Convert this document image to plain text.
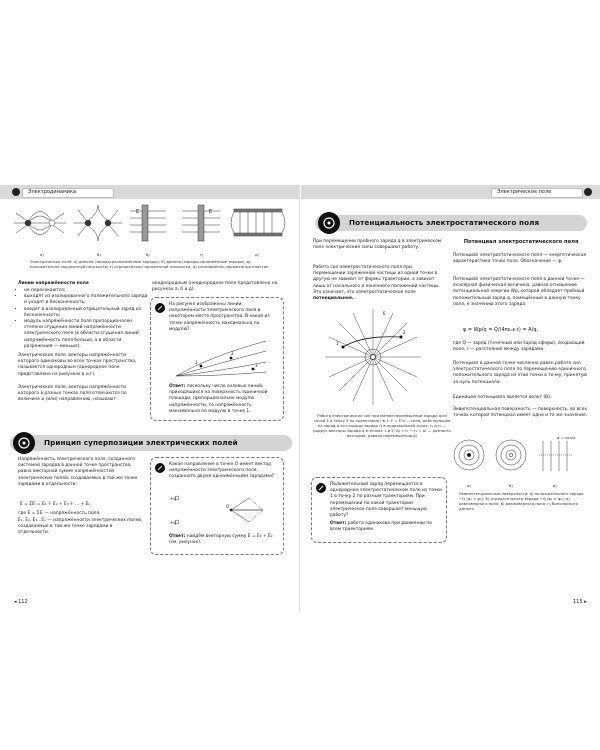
Электродинамика
E	E
а)	б)	в)	г)	д)
Электрическое поле: а) диполя (заряды разноимённые заряды); б) диполя (заряды одноимённые заряды); в) положительно заряженной плоскости; г) отрицательно заряженной плоскости; д) разноимённо заряженных пластин
Линии напряжённости поля
• не пересекаются;
• выходят из изолированного положительного заряда и уходят в бесконечность;
• входят в изолированный отрицательный заряд из бесконечности;
• модуль напряжённости поля пропорционален степени сгущения линий напряжённости электрического поля (в области сгущения линий напряжённость поля больше, а в области разрежения — меньше).
Электрическое поле, векторы напряжённости которого одинаковы во всех точках пространства, называется однородным (однородное поле представлено на рисунках в и г).
Электрическое поле, векторы напряжённости которого в разных точках поля отличаются по величине и (или) направлению, называют
неоднородным (неоднородное поле представлено на рисунках а, б и д).
На рисунке изображены линии напряжённости электрического поля в некотором месте пространства. В какой из точек напряжённость максимальна по модулю?
1
2
3
Ответ: поскольку число силовых линий, приходящихся на поверхность единичной площади, пропорционально модулю напряжённости, то напряжённость максимальна по модулю в точке 1.
Принцип суперпозиции электрических полей
Напряжённость электрического поля, созданного системой зарядов в данной точке пространства, равна векторной сумме напряжённостей электрических полей, создаваемых в той же точке зарядами в отдельности:
E = ΣEᵢ = E₁ + E₂ + E₃ + ... + Eₙ,
где E = ΣEᵢ — напряжённость поля,
E₁, E₂, E₃...Eₙ — напряжённости электрических полей, создаваемые в той же точке зарядами в отдельности.
Какое направление в точке O имеет вектор напряжённости электрического поля, созданного двумя одноимёнными зарядами?
+q
+q
O
Ответ: найдём векторную сумму E = E₁ + E₂ (см. рисунок).
◂ 112
Электрическое поле
Потенциальность электростатического поля
При перемещении пробного заряда q в электрическом поле электрические силы совершают работу.
Работа сил электростатического поля при перемещении заряженной частицы из одной точки в другую не зависит от формы траектории, а зависит лишь от начального и конечного положений частицы. Это означает, что электростатическое поле потенциальное.
1
2
E
Работа электрических сил при малом перемещении заряда q из точки 1 в точку 2 по траектории l в 1: F = E·q — сила, действующая на заряд q со стороны заряда Q в произвольной точке; r₁ и r₂ — радиус-векторы заряда q в точках 1 и 2; Δl = r₂ − r₁ = Δl — разность векторов, равная перемещению Δl
Положительный заряд перемещается в однородном электростатическом поле из точки 1 в точку 2 по разным траекториям. При перемещении по какой траектории электрическое поле совершает меньшую работу?
Ответ: работа одинакова при движении по всем траекториям.
Потенциал электростатического поля
Потенциал электростатического поля — энергетическая характеристика точки поля. Обозначение — φ.
Потенциал электростатического поля в данной точке — скалярная физическая величина, равная отношению потенциальной энергии Wp, которой обладает пробный положительный заряд q, помещённый в данную точку поля, к значению этого заряда:
φ = Wp/q = Q/(4πε₀ε·r) = A/q,
где Q — заряд (точечный или заряд сферы), создающий поле, r — расстояние между зарядами.
Потенциал в данной точке численно равен работе сил электростатического поля по перемещению единичного положительного заряда из этой точки в точку, принятую за нуль потенциала.
Единицей потенциала является вольт (В).
Эквипотенциальная поверхность — поверхность, во всех точках которой потенциал имеет одно и то же значение.
φ = const
а)	б)	в)
Эквипотенциальные поверхности: а) положительного заряда −Q (φ₁ > φ₂); б) отрицательного заряда −Q (φ₁ > φ₂); в) равномерного поля; в) равномерного поля; г) биполярного диполя
115 ▸
